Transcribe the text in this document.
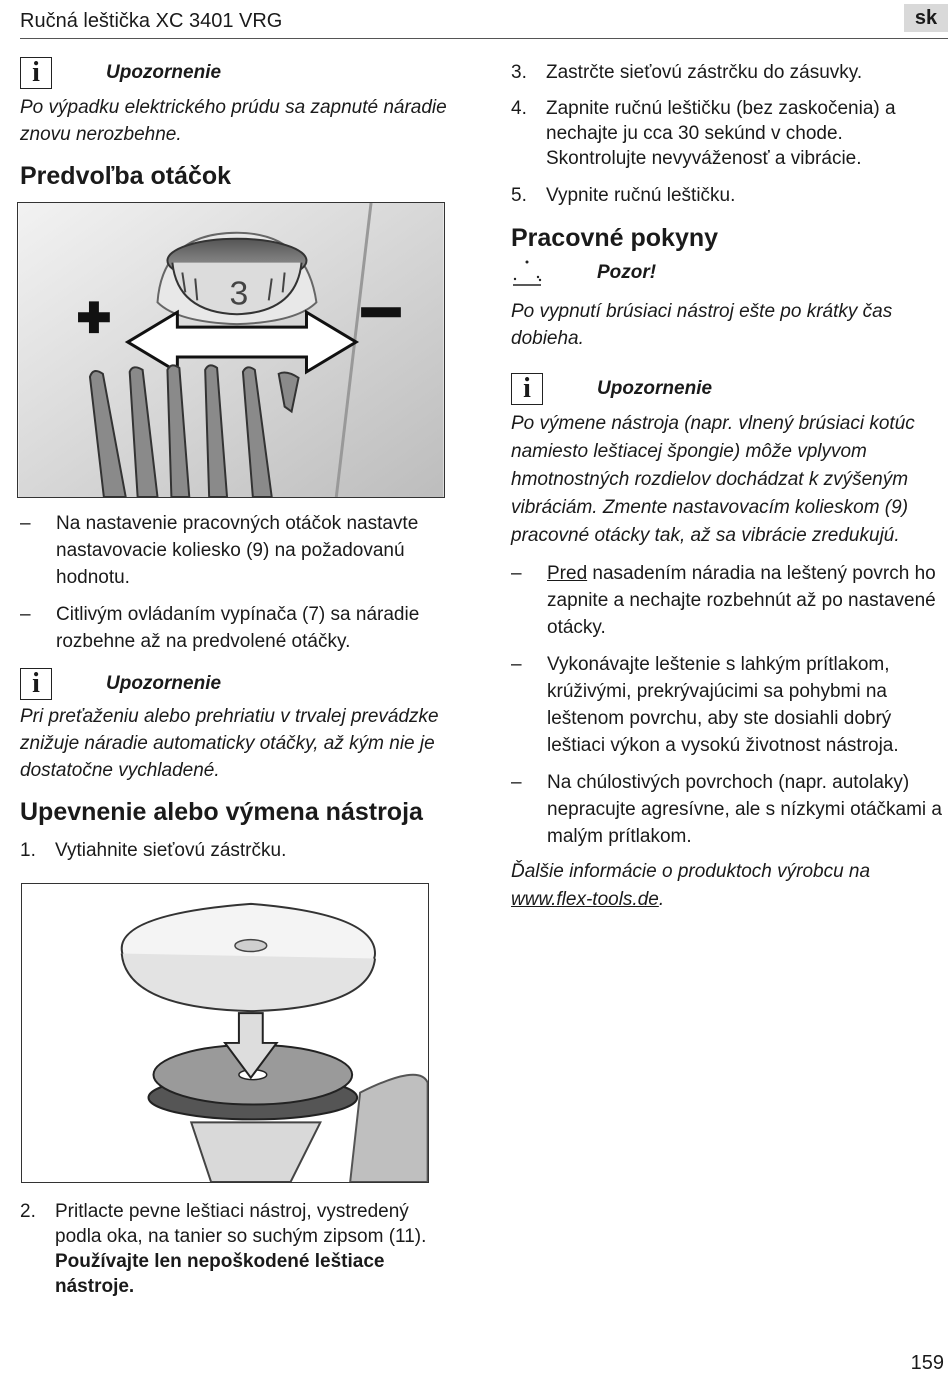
Ručná leštička XC 3401 VRG	sk
i	Upozornenie

Po výpadku elektrického prúdu sa zapnuté náradie znovu nerozbehne.

Predvoľba otáčok
3
–	Na nastavenie pracovných otáčok nastavte nastavovacie koliesko (9) na požadovanú hodnotu.
–	Citlivým ovládaním vypínača (7) sa náradie rozbehne až na predvolené otáčky.
i	Upozornenie

Pri preťaženiu alebo prehriatiu v trvalej prevádzke znižuje náradie automaticky otáčky, až kým nie je dostatočne vychladené.

Upevnenie alebo výmena nástroja
1.	Vytiahnite sieťovú zástrčku.
2.	Pritlacte pevne leštiaci nástroj, vystredený podla oka, na tanier so suchým zipsom (11). Používajte len nepoškodené leštiace nástroje.
3.	Zastrčte sieťovú zástrčku do zásuvky.
4.	Zapnite ručnú leštičku (bez zaskočenia) a nechajte ju cca 30 sekúnd v chode. Skontrolujte nevyváženosť a vibrácie.
5.	Vypnite ručnú leštičku.
Pracovné pokyny
Pozor!

Po vypnutí brúsiaci nástroj ešte po krátky čas dobieha.

i	Upozornenie

Po výmene nástroja (napr. vlnený brúsiaci kotúc namiesto leštiacej špongie) môže vplyvom hmotnostných rozdielov dochádzat k zvýšeným vibráciám. Zmente nastavovacím kolieskom (9) pracovné otácky tak, až sa vibrácie zredukujú.

–	Pred nasadením náradia na leštený povrch ho zapnite a nechajte rozbehnút až po nastavené otácky.
–	Vykonávajte leštenie s lahkým prítlakom, krúživými, prekrývajúcimi sa pohybmi na leštenom povrchu, aby ste dosiahli dobrý leštiaci výkon a vysokú životnost nástroja.
–	Na chúlostivých povrchoch (napr. autolaky) nepracujte agresívne, ale s nízkymi otáčkami a malým prítlakom.

Ďalšie informácie o produktoch výrobcu na www.flex-tools.de.

159
